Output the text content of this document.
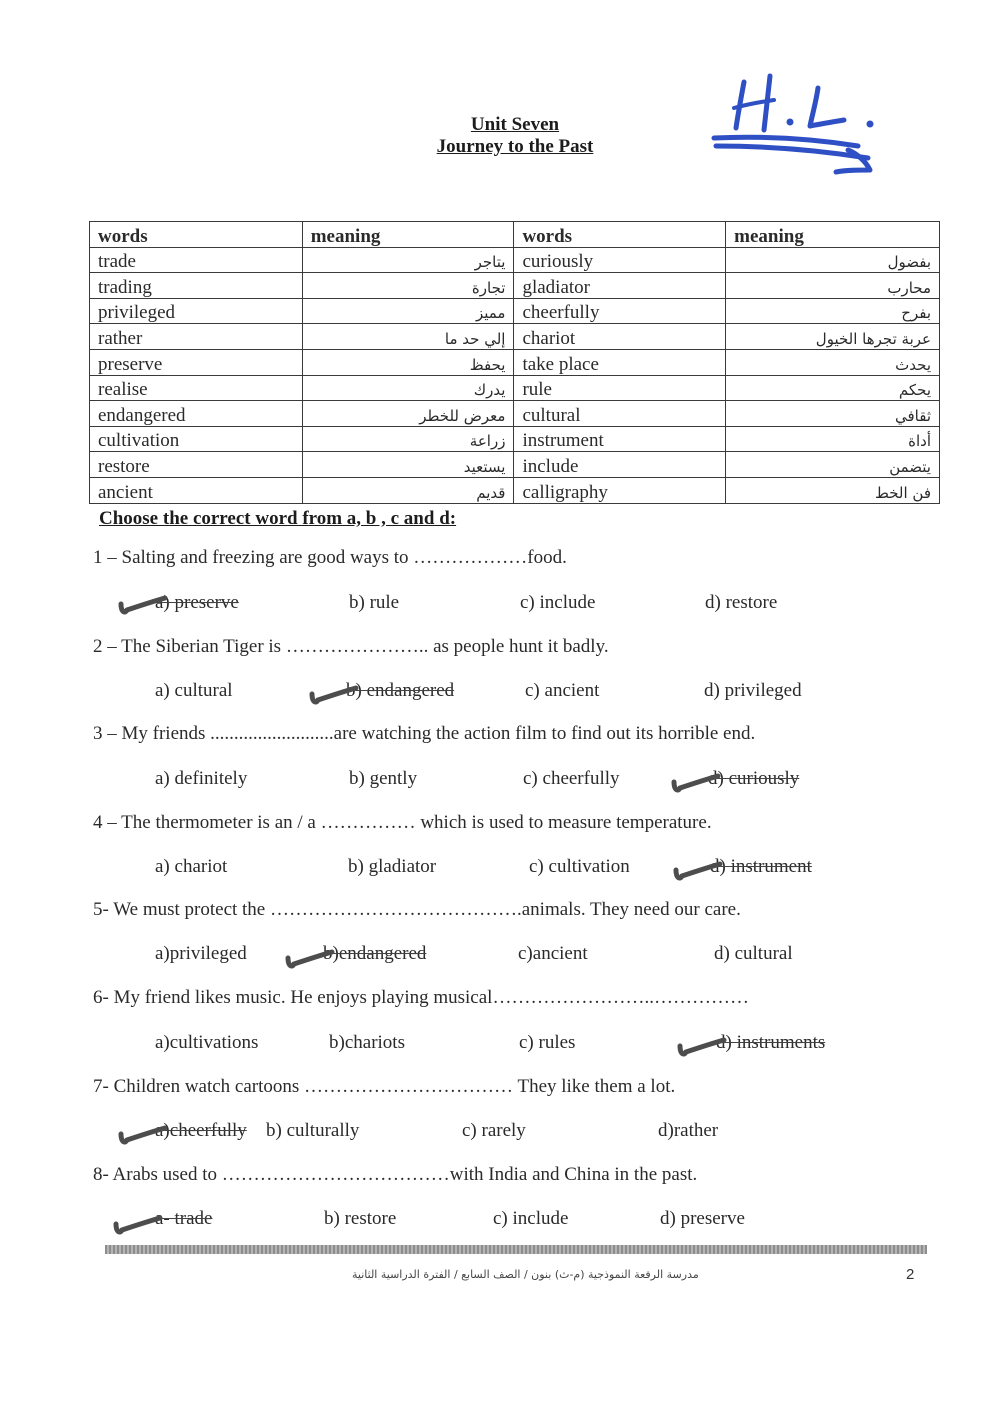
Unit Seven
Journey to the Past
words	meaning	words	meaning
trade	يتاجر	curiously	بفضول
trading	تجارة	gladiator	محارب
privileged	مميز	cheerfully	بفرح
rather	إلي حد ما	chariot	عربة تجرها الخيول
preserve	يحفظ	take place	يحدث
realise	يدرك	rule	يحكم
endangered	معرض للخطر	cultural	ثقافي
cultivation	زراعة	instrument	أداة
restore	يستعيد	include	يتضمن
ancient	قديم	calligraphy	فن الخط
Choose the correct word from a, b , c and d:
1 – Salting and freezing are good ways to ………………food.
a) preserve	b) rule	c) include	d) restore
2 – The Siberian Tiger is ………………….. as people hunt it badly.
a) cultural	b) endangered	c) ancient	d) privileged
3 – My friends ..........................are watching the action film to find out its horrible end.
a) definitely	b) gently	c) cheerfully	d) curiously
4 – The thermometer is an / a …………… which is used to measure temperature.
a) chariot	b) gladiator	c) cultivation	d) instrument
5- We must protect the ………………………………….animals. They need our care.
a)privileged	b)endangered	c)ancient	d) cultural
6- My friend likes music. He enjoys playing musical……………………..……………
a)cultivations	b)chariots	c) rules	d) instruments
7- Children watch cartoons …………………………… They like them a lot.
a)cheerfully b) culturally	c) rarely	d)rather
8- Arabs used to ………………………………with India and China in the past.
a- trade	b) restore	c) include	d) preserve
مدرسة الرفعة النموذجية (م-ث) بنون / الصف السابع / الفترة الدراسية الثانية	2
